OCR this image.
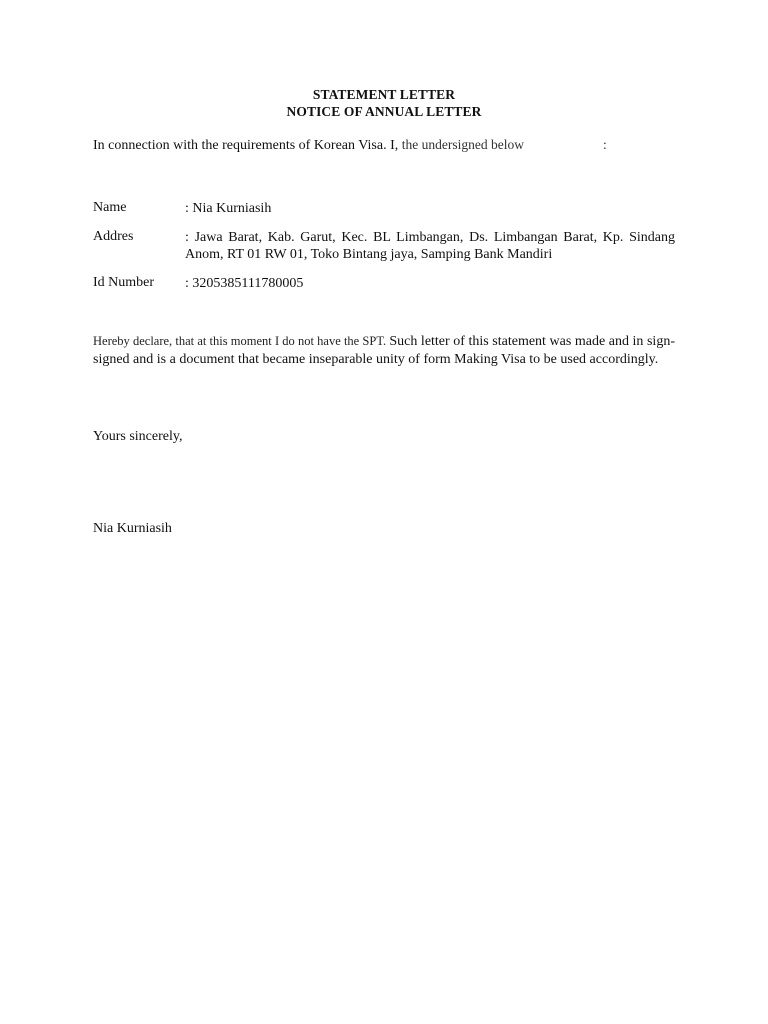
STATEMENT LETTER
NOTICE OF ANNUAL LETTER
In connection with the requirements of Korean Visa. I, the undersigned below	:
Name	: Nia Kurniasih
Addres	: Jawa Barat, Kab. Garut, Kec. BL Limbangan, Ds. Limbangan Barat, Kp. Sindang Anom, RT 01 RW 01, Toko Bintang jaya, Samping Bank Mandiri
Id Number : 3205385111780005
Hereby declare, that at this moment I do not have the SPT. Such letter of this statement was made and in sign-signed and is a document that became inseparable unity of form Making Visa to be used accordingly.
Yours sincerely,
Nia Kurniasih
